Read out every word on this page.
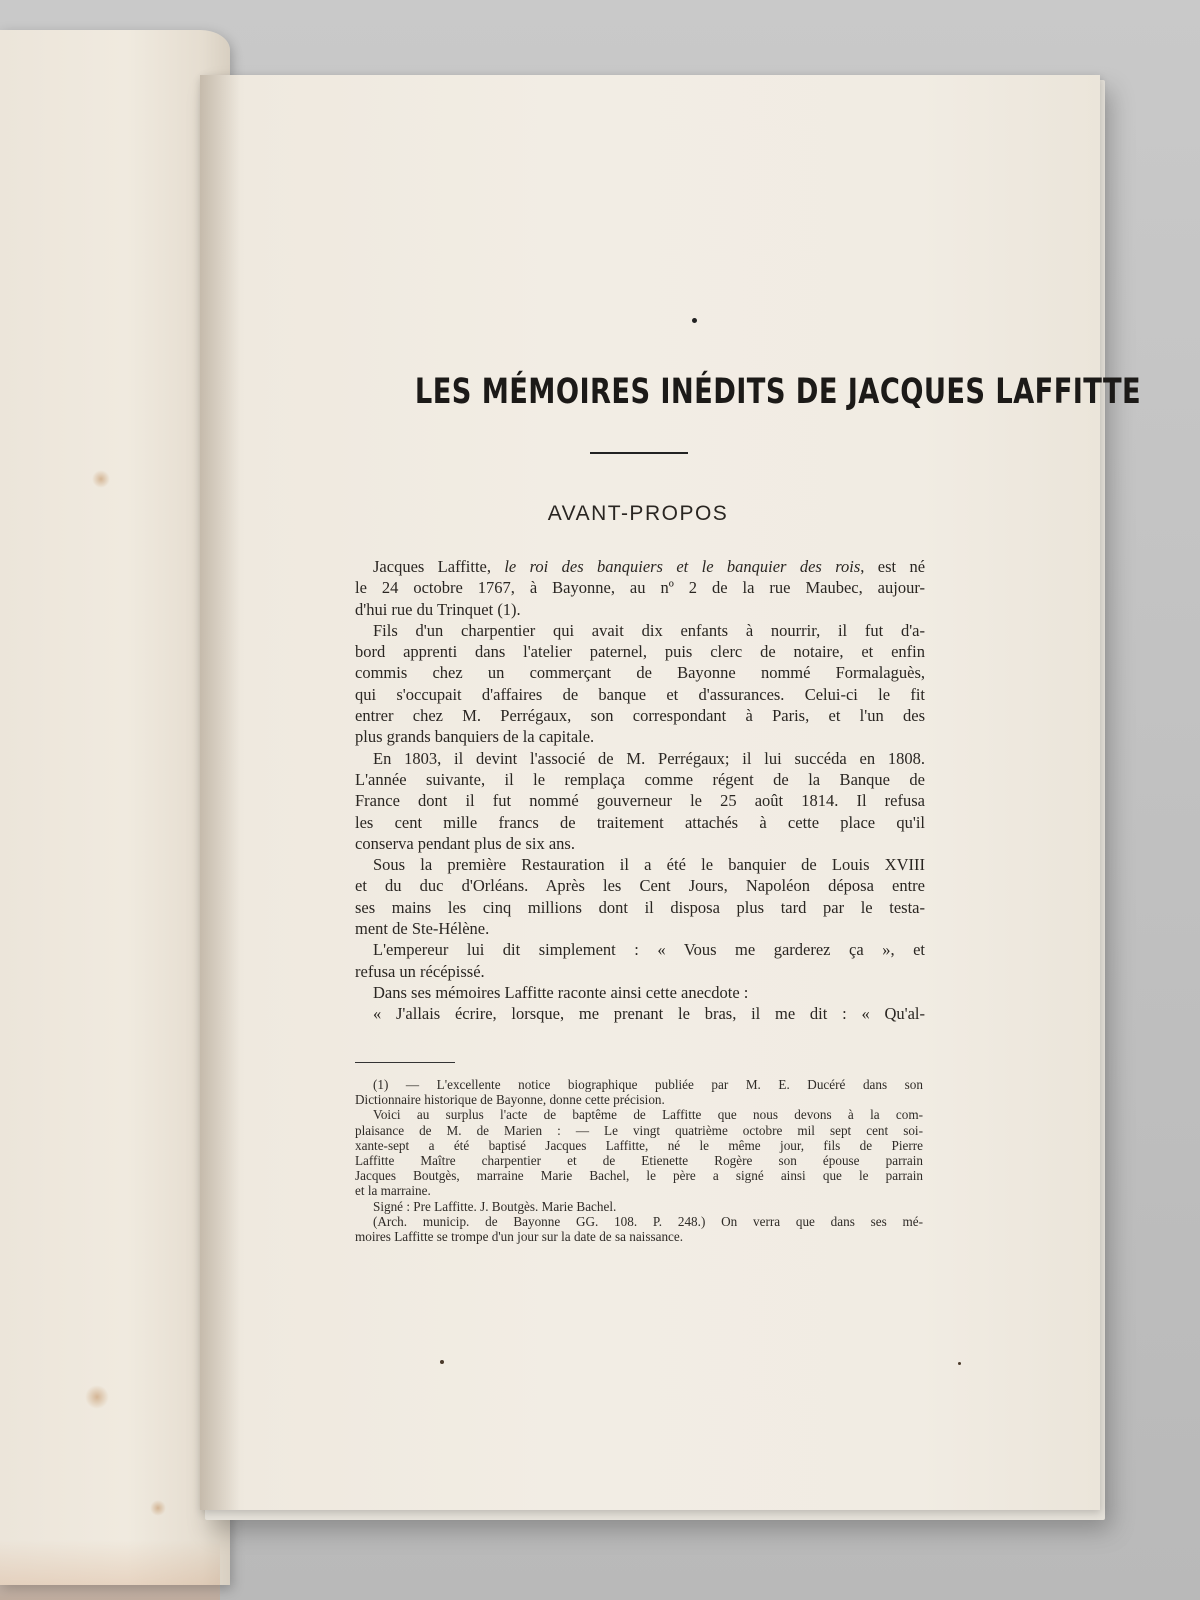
LES MÉMOIRES INÉDITS DE JACQUES LAFFITTE
AVANT-PROPOS
Jacques Laffitte, le roi des banquiers et le banquier des rois, est né
le 24 octobre 1767, à Bayonne, au nº 2 de la rue Maubec, aujour-
d'hui rue du Trinquet (1).
Fils d'un charpentier qui avait dix enfants à nourrir, il fut d'a-
bord apprenti dans l'atelier paternel, puis clerc de notaire, et enfin
commis chez un commerçant de Bayonne nommé Formalaguès,
qui s'occupait d'affaires de banque et d'assurances. Celui-ci le fit
entrer chez M. Perrégaux, son correspondant à Paris, et l'un des
plus grands banquiers de la capitale.
En 1803, il devint l'associé de M. Perrégaux; il lui succéda en 1808.
L'année suivante, il le remplaça comme régent de la Banque de
France dont il fut nommé gouverneur le 25 août 1814. Il refusa
les cent mille francs de traitement attachés à cette place qu'il
conserva pendant plus de six ans.
Sous la première Restauration il a été le banquier de Louis XVIII
et du duc d'Orléans. Après les Cent Jours, Napoléon déposa entre
ses mains les cinq millions dont il disposa plus tard par le testa-
ment de Ste-Hélène.
L'empereur lui dit simplement : « Vous me garderez ça », et
refusa un récépissé.
Dans ses mémoires Laffitte raconte ainsi cette anecdote :
« J'allais écrire, lorsque, me prenant le bras, il me dit : « Qu'al-
(1) — L'excellente notice biographique publiée par M. E. Ducéré dans son
Dictionnaire historique de Bayonne, donne cette précision.
Voici au surplus l'acte de baptême de Laffitte que nous devons à la com-
plaisance de M. de Marien : — Le vingt quatrième octobre mil sept cent soi-
xante-sept a été baptisé Jacques Laffitte, né le même jour, fils de Pierre
Laffitte Maître charpentier et de Etienette Rogère son épouse parrain
Jacques Boutgès, marraine Marie Bachel, le père a signé ainsi que le parrain
et la marraine.
Signé : Pre Laffitte. J. Boutgès. Marie Bachel.
(Arch. municip. de Bayonne GG. 108. P. 248.) On verra que dans ses mé-
moires Laffitte se trompe d'un jour sur la date de sa naissance.
